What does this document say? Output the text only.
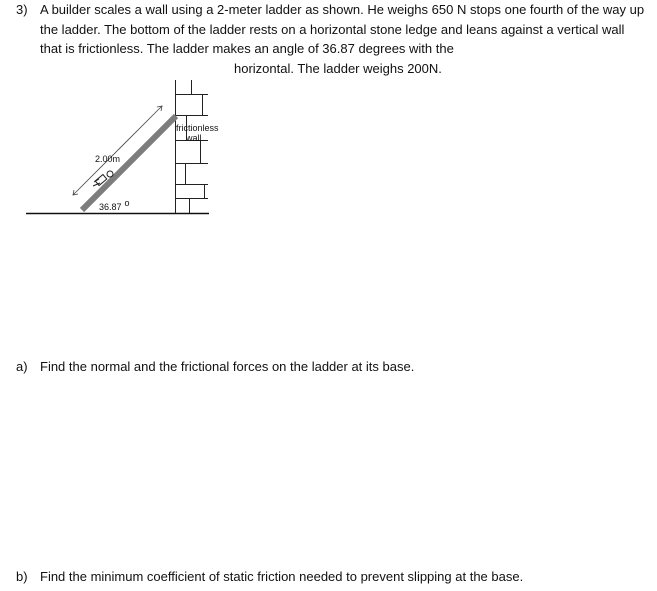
3) A builder scales a wall using a 2-meter ladder as shown. He weighs 650 N stops one fourth of the way up the ladder. The bottom of the ladder rests on a horizontal stone ledge and leans against a vertical wall that is frictionless. The ladder makes an angle of 36.87 degrees with the
horizontal. The ladder weighs 200N.
2.00m
frictionless
wall
36.87 o
a) Find the normal and the frictional forces on the ladder at its base.
b) Find the minimum coefficient of static friction needed to prevent slipping at the base.
